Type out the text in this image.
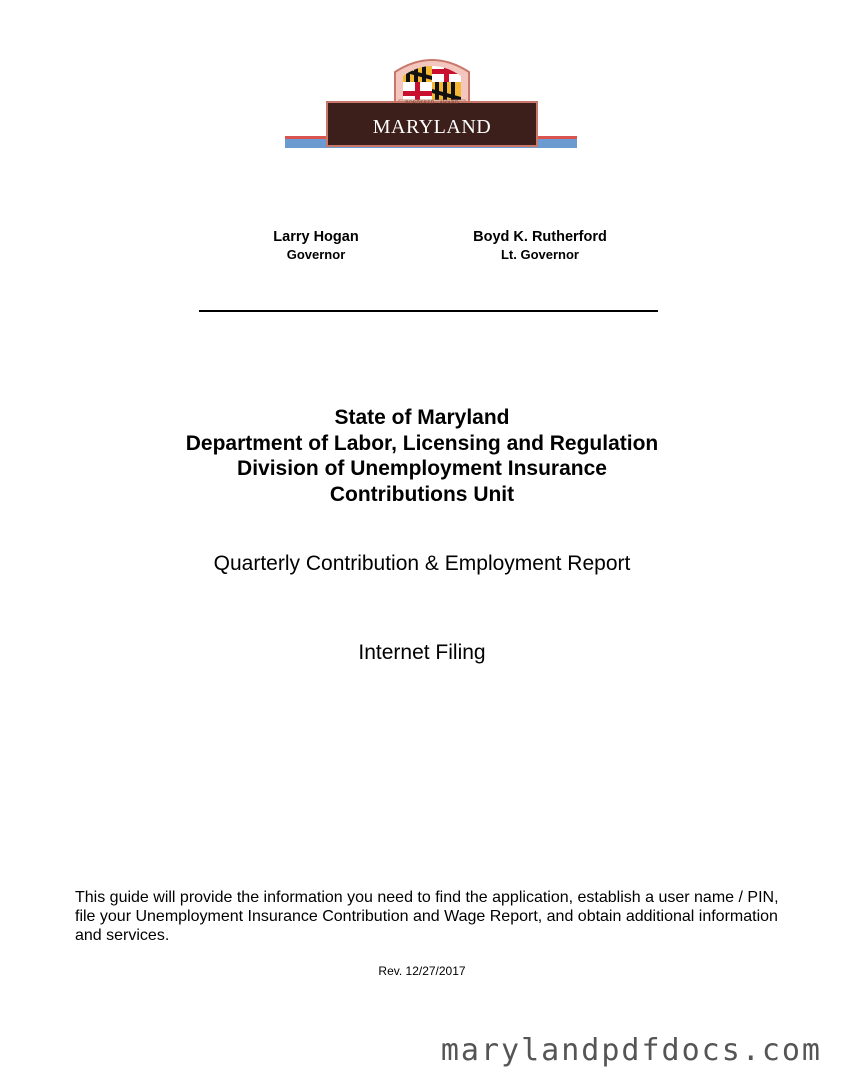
BORDERED · AWARD
maryland
Larry Hogan
Governor
Boyd K. Rutherford
Lt. Governor
State of Maryland
Department of Labor, Licensing and Regulation
Division of Unemployment Insurance
Contributions Unit
Quarterly Contribution & Employment Report
Internet Filing
This guide will provide the information you need to find the application, establish a user name / PIN, file your Unemployment Insurance Contribution and Wage Report, and obtain additional information and services.
Rev. 12/27/2017
marylandpdfdocs.com
